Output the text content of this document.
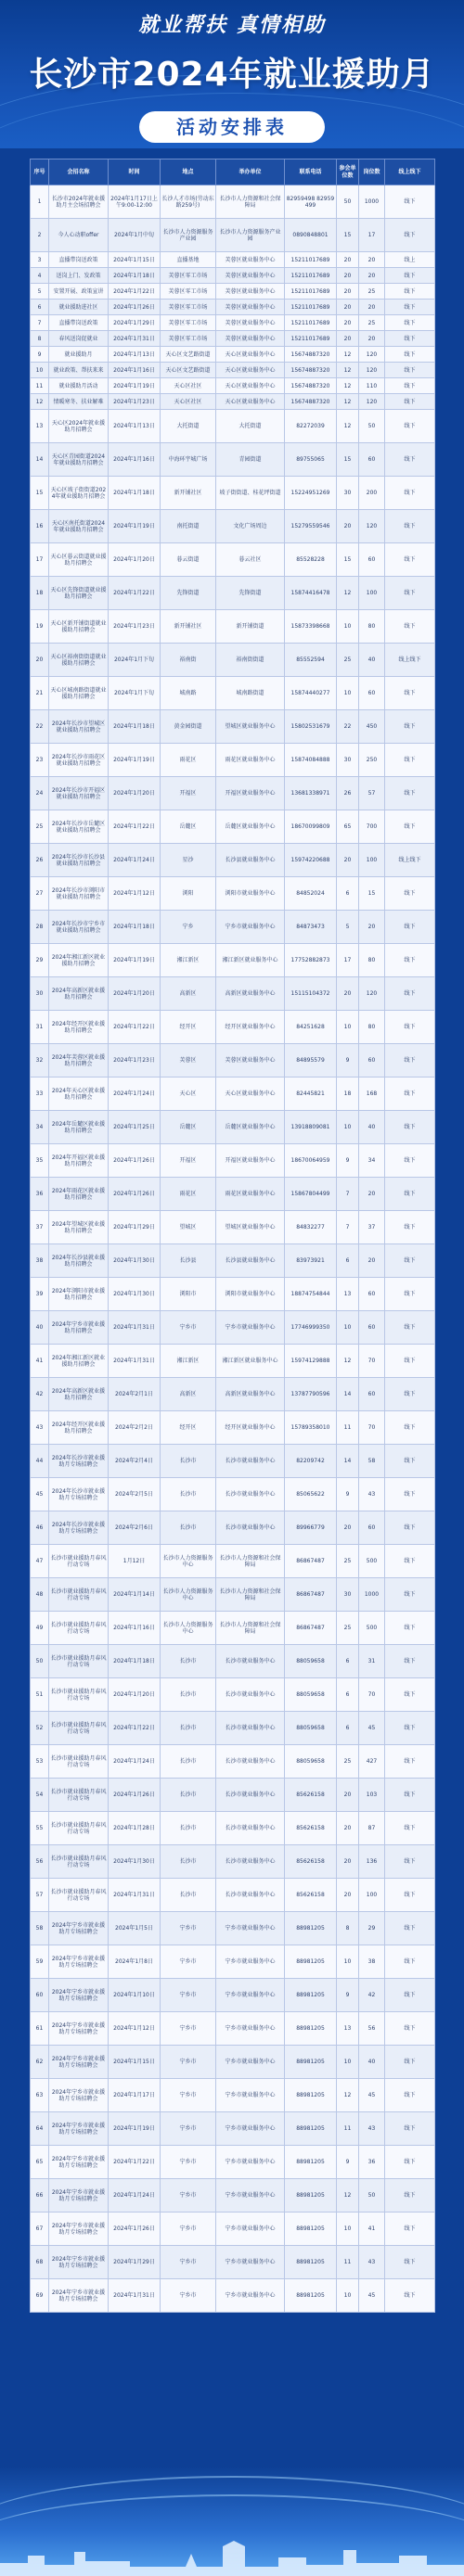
就业帮扶 真情相助
长沙市2024年就业援助月
活动安排表
序号	会招名称	时间	地点	举办单位	联系电话	参会单位数	岗位数	线上线下
1	长沙市2024年就业援助月主会场招聘会	2024年1月17日上午9:00-12:00	长沙人才市场(劳动东路259号)	长沙市人力资源和社会保障局	82959498 82959499	50	1000	线下
2	今人心动职offer	2024年1月中旬	长沙市人力资源服务产业园	长沙市人力资源服务产业园	0890848801	15	17	线下
3	直播带岗送政策	2024年1月15日	直播基地	芙蓉区就业服务中心	15211017689	20	20	线上
4	送岗上门、发政策	2024年1月18日	芙蓉区零工市场	芙蓉区就业服务中心	15211017689	20	20	线下
5	安置开展、政策宣讲	2024年1月22日	芙蓉区零工市场	芙蓉区就业服务中心	15211017689	20	25	线下
6	就业援助进社区	2024年1月26日	芙蓉区零工市场	芙蓉区就业服务中心	15211017689	20	20	线下
7	直播带岗送政策	2024年1月29日	芙蓉区零工市场	芙蓉区就业服务中心	15211017689	20	25	线下
8	春风送岗促就业	2024年1月31日	芙蓉区零工市场	芙蓉区就业服务中心	15211017689	20	20	线下
9	就业援助月	2024年1月13日	天心区文艺路街道	天心区就业服务中心	15674887320	12	120	线下
10	就业政策、帮扶来来	2024年1月16日	天心区文艺路街道	天心区就业服务中心	15674887320	12	120	线下
11	就业援助月活动	2024年1月19日	天心区社区	天心区就业服务中心	15674887320	12	110	线下
12	情暖寒冬、扶业解难	2024年1月23日	天心区社区	天心区就业服务中心	15674887320	12	120	线下
13	天心区2024年就业援助月招聘会	2024年1月13日	大托街道	大托街道	82272039	12	50	线下
14	天心区青园街道2024年就业援助月招聘会	2024年1月16日	中海环宇城广场	青园街道	89755065	15	60	线下
15	天心区坡子街街道2024年就业援助月招聘会	2024年1月18日	新开铺社区	坡子街街道、桂花坪街道	15224951269	30	200	线下
16	天心区南托街道2024年就业援助月招聘会	2024年1月19日	南托街道	文化广场周边	15279559546	20	120	线下
17	天心区暮云街道就业援助月招聘会	2024年1月20日	暮云街道	暮云社区	85528228	15	60	线下
18	天心区先锋街道就业援助月招聘会	2024年1月22日	先锋街道	先锋街道	15874416478	12	100	线下
19	天心区新开铺街道就业援助月招聘会	2024年1月23日	新开铺社区	新开铺街道	15873398668	10	80	线下
20	天心区裕南街街道就业援助月招聘会	2024年1月下旬	裕南街	裕南街街道	85552594	25	40	线上线下
21	天心区城南路街道就业援助月招聘会	2024年1月下旬	城南路	城南路街道	15874440277	10	60	线下
22	2024年长沙市望城区就业援助月招聘会	2024年1月18日	黄金园街道	望城区就业服务中心	15802531679	22	450	线下
23	2024年长沙市雨花区就业援助月招聘会	2024年1月19日	雨花区	雨花区就业服务中心	15874084888	30	250	线下
24	2024年长沙市开福区就业援助月招聘会	2024年1月20日	开福区	开福区就业服务中心	13681338971	26	57	线下
25	2024年长沙市岳麓区就业援助月招聘会	2024年1月22日	岳麓区	岳麓区就业服务中心	18670099809	65	700	线下
26	2024年长沙市长沙县就业援助月招聘会	2024年1月24日	星沙	长沙县就业服务中心	15974220688	20	100	线上线下
27	2024年长沙市浏阳市就业援助月招聘会	2024年1月12日	浏阳	浏阳市就业服务中心	84852024	6	15	线下
28	2024年长沙市宁乡市就业援助月招聘会	2024年1月18日	宁乡	宁乡市就业服务中心	84873473	5	20	线下
29	2024年湘江新区就业援助月招聘会	2024年1月19日	湘江新区	湘江新区就业服务中心	17752882873	17	80	线下
30	2024年高新区就业援助月招聘会	2024年1月20日	高新区	高新区就业服务中心	15115104372	20	120	线下
31	2024年经开区就业援助月招聘会	2024年1月22日	经开区	经开区就业服务中心	84251628	10	80	线下
32	2024年芙蓉区就业援助月招聘会	2024年1月23日	芙蓉区	芙蓉区就业服务中心	84895579	9	60	线下
33	2024年天心区就业援助月招聘会	2024年1月24日	天心区	天心区就业服务中心	82445821	18	168	线下
34	2024年岳麓区就业援助月招聘会	2024年1月25日	岳麓区	岳麓区就业服务中心	13918809081	10	40	线下
35	2024年开福区就业援助月招聘会	2024年1月26日	开福区	开福区就业服务中心	18670064959	9	34	线下
36	2024年雨花区就业援助月招聘会	2024年1月26日	雨花区	雨花区就业服务中心	15867804499	7	20	线下
37	2024年望城区就业援助月招聘会	2024年1月29日	望城区	望城区就业服务中心	84832277	7	37	线下
38	2024年长沙县就业援助月招聘会	2024年1月30日	长沙县	长沙县就业服务中心	83973921	6	20	线下
39	2024年浏阳市就业援助月招聘会	2024年1月30日	浏阳市	浏阳市就业服务中心	18874754844	13	60	线下
40	2024年宁乡市就业援助月招聘会	2024年1月31日	宁乡市	宁乡市就业服务中心	17746999350	10	60	线下
41	2024年湘江新区就业援助月招聘会	2024年1月31日	湘江新区	湘江新区就业服务中心	15974129888	12	70	线下
42	2024年高新区就业援助月招聘会	2024年2月1日	高新区	高新区就业服务中心	13787790596	14	60	线下
43	2024年经开区就业援助月招聘会	2024年2月2日	经开区	经开区就业服务中心	15789358010	11	70	线下
44	2024年长沙市就业援助月专场招聘会	2024年2月4日	长沙市	长沙市就业服务中心	82209742	14	58	线下
45	2024年长沙市就业援助月专场招聘会	2024年2月5日	长沙市	长沙市就业服务中心	85065622	9	43	线下
46	2024年长沙市就业援助月专场招聘会	2024年2月6日	长沙市	长沙市就业服务中心	89966779	20	60	线下
47	长沙市就业援助月春风行动专场	1月12日	长沙市人力资源服务中心	长沙市人力资源和社会保障局	86867487	25	500	线下
48	长沙市就业援助月春风行动专场	2024年1月14日	长沙市人力资源服务中心	长沙市人力资源和社会保障局	86867487	30	1000	线下
49	长沙市就业援助月春风行动专场	2024年1月16日	长沙市人力资源服务中心	长沙市人力资源和社会保障局	86867487	25	500	线下
50	长沙市就业援助月春风行动专场	2024年1月18日	长沙市	长沙市就业服务中心	88059658	6	31	线下
51	长沙市就业援助月春风行动专场	2024年1月20日	长沙市	长沙市就业服务中心	88059658	6	70	线下
52	长沙市就业援助月春风行动专场	2024年1月22日	长沙市	长沙市就业服务中心	88059658	6	45	线下
53	长沙市就业援助月春风行动专场	2024年1月24日	长沙市	长沙市就业服务中心	88059658	25	427	线下
54	长沙市就业援助月春风行动专场	2024年1月26日	长沙市	长沙市就业服务中心	85626158	20	103	线下
55	长沙市就业援助月春风行动专场	2024年1月28日	长沙市	长沙市就业服务中心	85626158	20	87	线下
56	长沙市就业援助月春风行动专场	2024年1月30日	长沙市	长沙市就业服务中心	85626158	20	136	线下
57	长沙市就业援助月春风行动专场	2024年1月31日	长沙市	长沙市就业服务中心	85626158	20	100	线下
58	2024年宁乡市就业援助月专场招聘会	2024年1月5日	宁乡市	宁乡市就业服务中心	88981205	8	29	线下
59	2024年宁乡市就业援助月专场招聘会	2024年1月8日	宁乡市	宁乡市就业服务中心	88981205	10	38	线下
60	2024年宁乡市就业援助月专场招聘会	2024年1月10日	宁乡市	宁乡市就业服务中心	88981205	9	42	线下
61	2024年宁乡市就业援助月专场招聘会	2024年1月12日	宁乡市	宁乡市就业服务中心	88981205	13	56	线下
62	2024年宁乡市就业援助月专场招聘会	2024年1月15日	宁乡市	宁乡市就业服务中心	88981205	10	40	线下
63	2024年宁乡市就业援助月专场招聘会	2024年1月17日	宁乡市	宁乡市就业服务中心	88981205	12	45	线下
64	2024年宁乡市就业援助月专场招聘会	2024年1月19日	宁乡市	宁乡市就业服务中心	88981205	11	43	线下
65	2024年宁乡市就业援助月专场招聘会	2024年1月22日	宁乡市	宁乡市就业服务中心	88981205	9	36	线下
66	2024年宁乡市就业援助月专场招聘会	2024年1月24日	宁乡市	宁乡市就业服务中心	88981205	12	50	线下
67	2024年宁乡市就业援助月专场招聘会	2024年1月26日	宁乡市	宁乡市就业服务中心	88981205	10	41	线下
68	2024年宁乡市就业援助月专场招聘会	2024年1月29日	宁乡市	宁乡市就业服务中心	88981205	11	43	线下
69	2024年宁乡市就业援助月专场招聘会	2024年1月31日	宁乡市	宁乡市就业服务中心	88981205	10	45	线下
